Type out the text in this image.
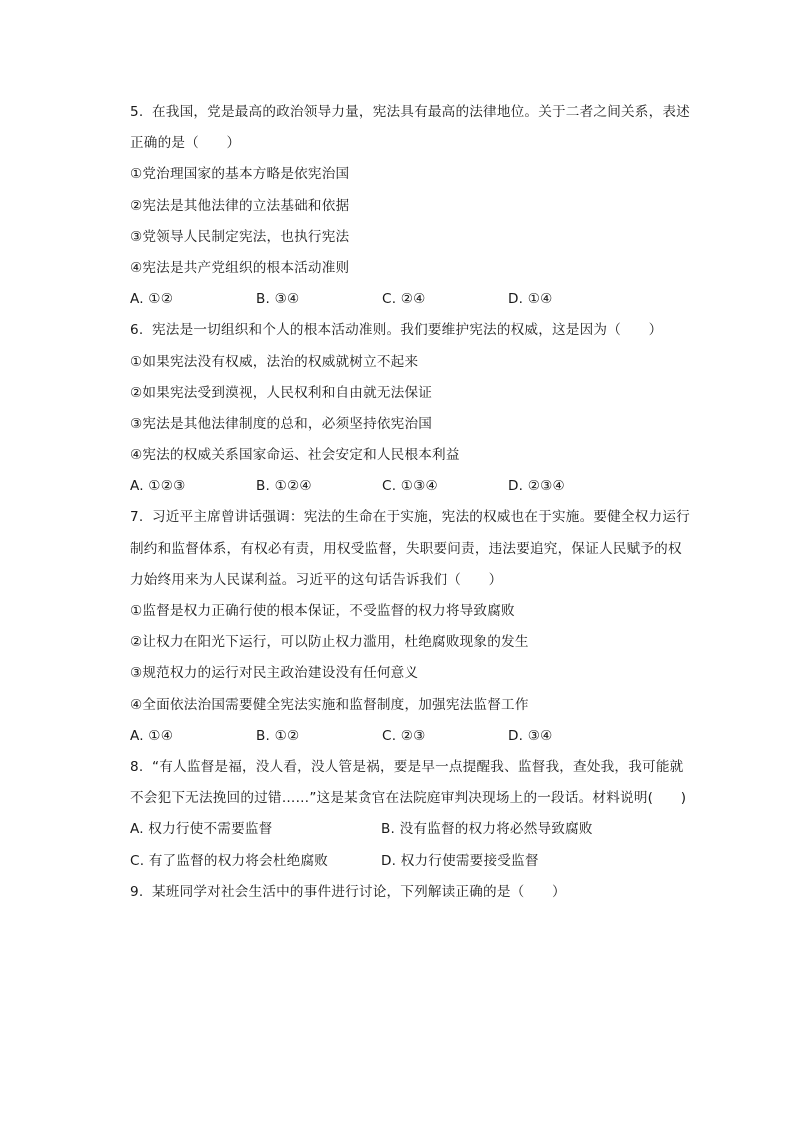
5. 在我国，党是最高的政治领导力量，宪法具有最高的法律地位。关于二者之间关系，表述
正确的是（　　）
①党治理国家的基本方略是依宪治国
②宪法是其他法律的立法基础和依据
③党领导人民制定宪法，也执行宪法
④宪法是共产党组织的根本活动准则
A. ①②	B. ③④	C. ②④	D. ①④
6. 宪法是一切组织和个人的根本活动准则。我们要维护宪法的权威，这是因为（　　）
①如果宪法没有权威，法治的权威就树立不起来
②如果宪法受到漠视，人民权利和自由就无法保证
③宪法是其他法律制度的总和，必须坚持依宪治国
④宪法的权威关系国家命运、社会安定和人民根本利益
A. ①②③	B. ①②④	C. ①③④	D. ②③④
7. 习近平主席曾讲话强调：宪法的生命在于实施，宪法的权威也在于实施。要健全权力运行
制约和监督体系，有权必有责，用权受监督，失职要问责，违法要追究，保证人民赋予的权
力始终用来为人民谋利益。习近平的这句话告诉我们（　　）
①监督是权力正确行使的根本保证，不受监督的权力将导致腐败
②让权力在阳光下运行，可以防止权力滥用，杜绝腐败现象的发生
③规范权力的运行对民主政治建设没有任何意义
④全面依法治国需要健全宪法实施和监督制度，加强宪法监督工作
A. ①④	B. ①②	C. ②③	D. ③④
8. “有人监督是福，没人看，没人管是祸，要是早一点提醒我、监督我，查处我，我可能就
不会犯下无法挽回的过错……”这是某贪官在法院庭审判决现场上的一段话。材料说明(　　)
A. 权力行使不需要监督	B. 没有监督的权力将必然导致腐败
C. 有了监督的权力将会杜绝腐败	D. 权力行使需要接受监督
9. 某班同学对社会生活中的事件进行讨论，下列解读正确的是（　　）
